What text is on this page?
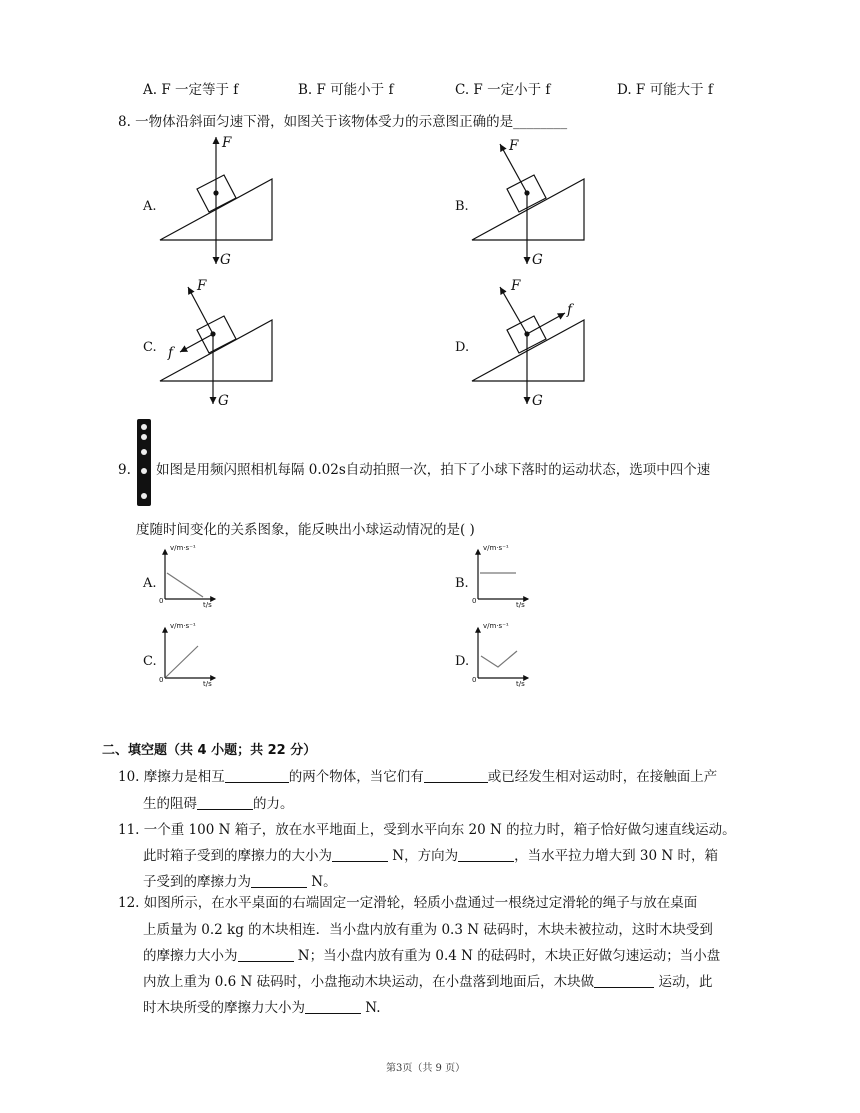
A. F 一定等于 f	B. F 可能小于 f	C. F 一定小于 f	D. F 可能大于 f
8. 一物体沿斜面匀速下滑，如图关于该物体受力的示意图正确的是________
A.	B.
C.	D.
F
G
F
G
F
G
f
F
G
f
9. 如图是用频闪照相机每隔 0.02s自动拍照一次，拍下了小球下落时的运动状态，选项中四个速
度随时间变化的关系图象，能反映出小球运动情况的是( )
A.	B.
C.	D.
v/m·s⁻¹
0	t/s
v/m·s⁻¹
0	t/s
v/m·s⁻¹
0	t/s
v/m·s⁻¹
0	t/s
二、填空题（共 4 小题；共 22 分）
10. 摩擦力是相互	的两个物体，当它们有	或已经发生相对运动时，在接触面上产
生的阻碍	的力。
11. 一个重 100 N 箱子，放在水平地面上，受到水平向东 20 N 的拉力时，箱子恰好做匀速直线运动。
此时箱子受到的摩擦力的大小为	N，方向为	，当水平拉力增大到 30 N 时，箱
子受到的摩擦力为	N。
12. 如图所示，在水平桌面的右端固定一定滑轮，轻质小盘通过一根绕过定滑轮的绳子与放在桌面
上质量为 0.2 kg 的木块相连．当小盘内放有重为 0.3 N 砝码时，木块未被拉动，这时木块受到
的摩擦力大小为	N；当小盘内放有重为 0.4 N 的砝码时，木块正好做匀速运动；当小盘
内放上重为 0.6 N 砝码时，小盘拖动木块运动，在小盘落到地面后，木块做	运动，此
时木块所受的摩擦力大小为	N.
第3页（共 9 页）
